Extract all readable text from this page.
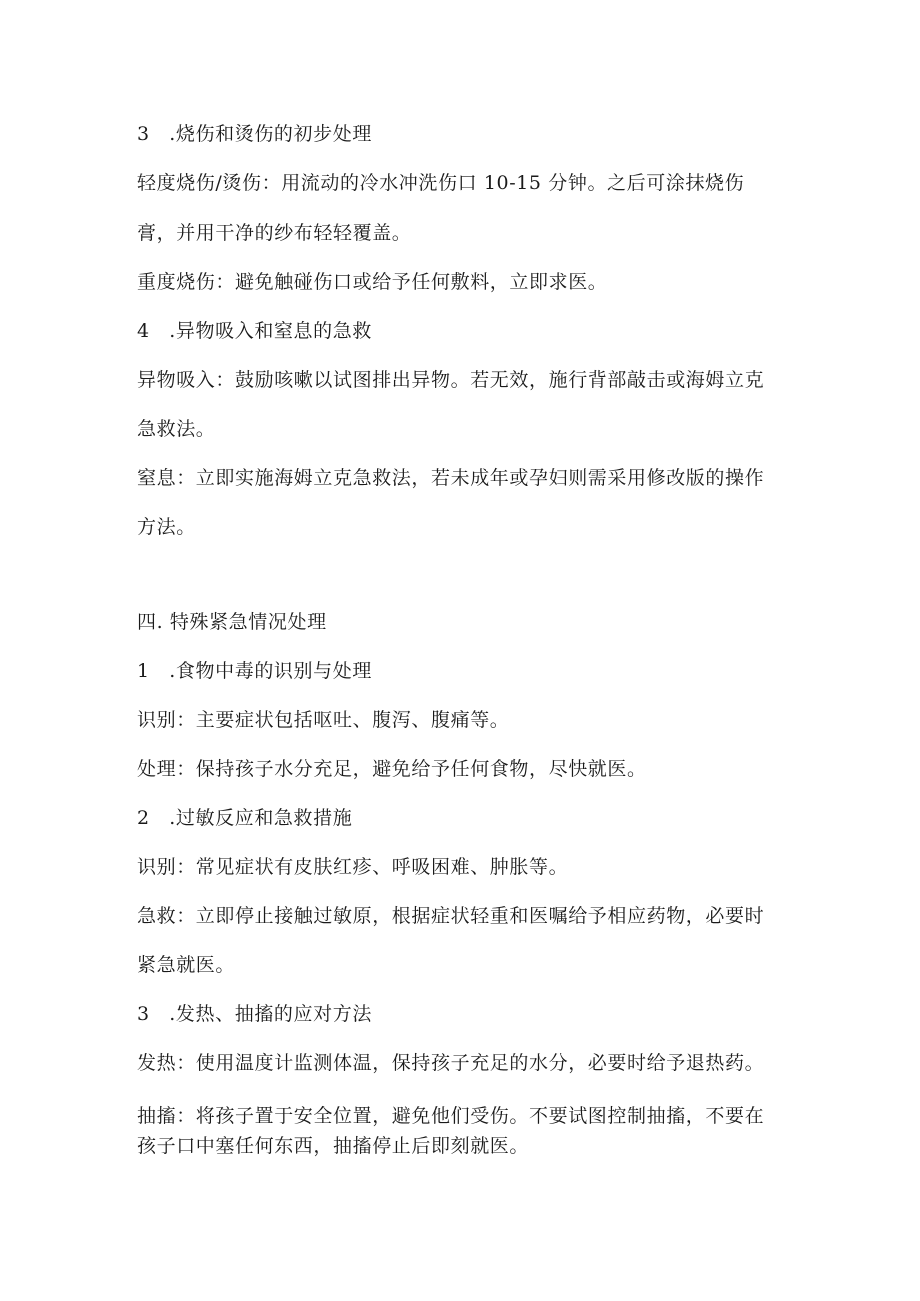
3　.烧伤和烫伤的初步处理
轻度烧伤/烫伤：用流动的冷水冲洗伤口 10-15 分钟。之后可涂抹烧伤
膏，并用干净的纱布轻轻覆盖。
重度烧伤：避免触碰伤口或给予任何敷料，立即求医。
4　.异物吸入和窒息的急救
异物吸入：鼓励咳嗽以试图排出异物。若无效，施行背部敲击或海姆立克
急救法。
窒息：立即实施海姆立克急救法，若未成年或孕妇则需采用修改版的操作
方法。
四. 特殊紧急情况处理
1　.食物中毒的识别与处理
识别：主要症状包括呕吐、腹泻、腹痛等。
处理：保持孩子水分充足，避免给予任何食物，尽快就医。
2　.过敏反应和急救措施
识别：常见症状有皮肤红疹、呼吸困难、肿胀等。
急救：立即停止接触过敏原，根据症状轻重和医嘱给予相应药物，必要时
紧急就医。
3　.发热、抽搐的应对方法
发热：使用温度计监测体温，保持孩子充足的水分，必要时给予退热药。
抽搐：将孩子置于安全位置，避免他们受伤。不要试图控制抽搐，不要在
孩子口中塞任何东西，抽搐停止后即刻就医。
